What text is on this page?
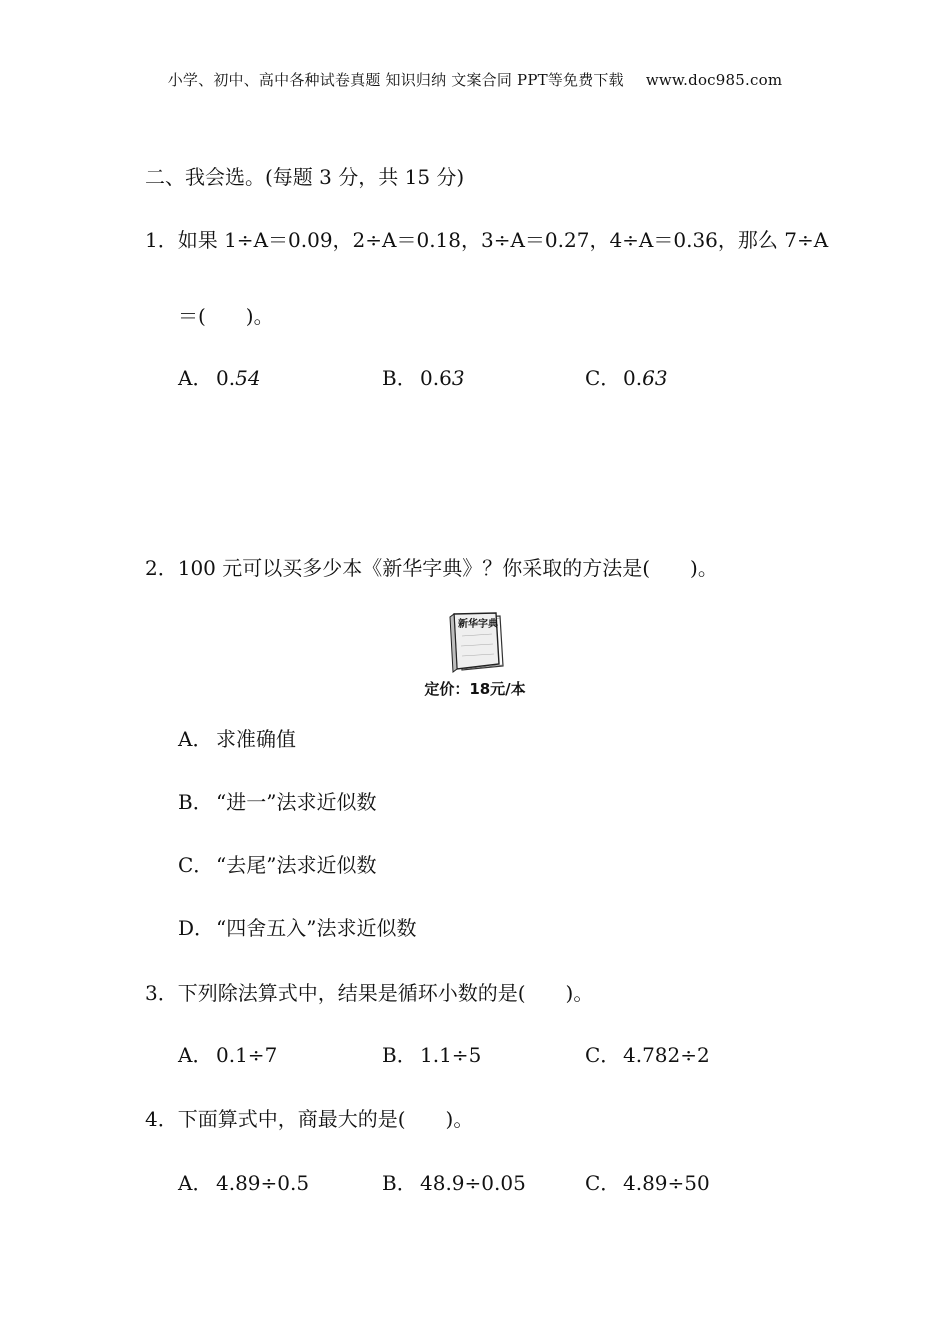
小学、初中、高中各种试卷真题 知识归纳 文案合同 PPT等免费下载 www.doc985.com
二、我会选。(每题 3 分，共 15 分)
1．如果 1÷A＝0.09，2÷A＝0.18，3÷A＝0.27，4÷A＝0.36，那么 7÷A
＝(　　)。
A． 0.54	B． 0.63	C． 0.63
2．100 元可以买多少本《新华字典》？你采取的方法是(　　)。
新华字典
定价：18元/本
A． 求准确值
B． “进一”法求近似数
C． “去尾”法求近似数
D．“四舍五入”法求近似数
3．下列除法算式中，结果是循环小数的是(　　)。
A． 0.1÷7	B． 1.1÷5	C． 4.782÷2
4．下面算式中，商最大的是(　　)。
A． 4.89÷0.5	B． 48.9÷0.05	C． 4.89÷50
